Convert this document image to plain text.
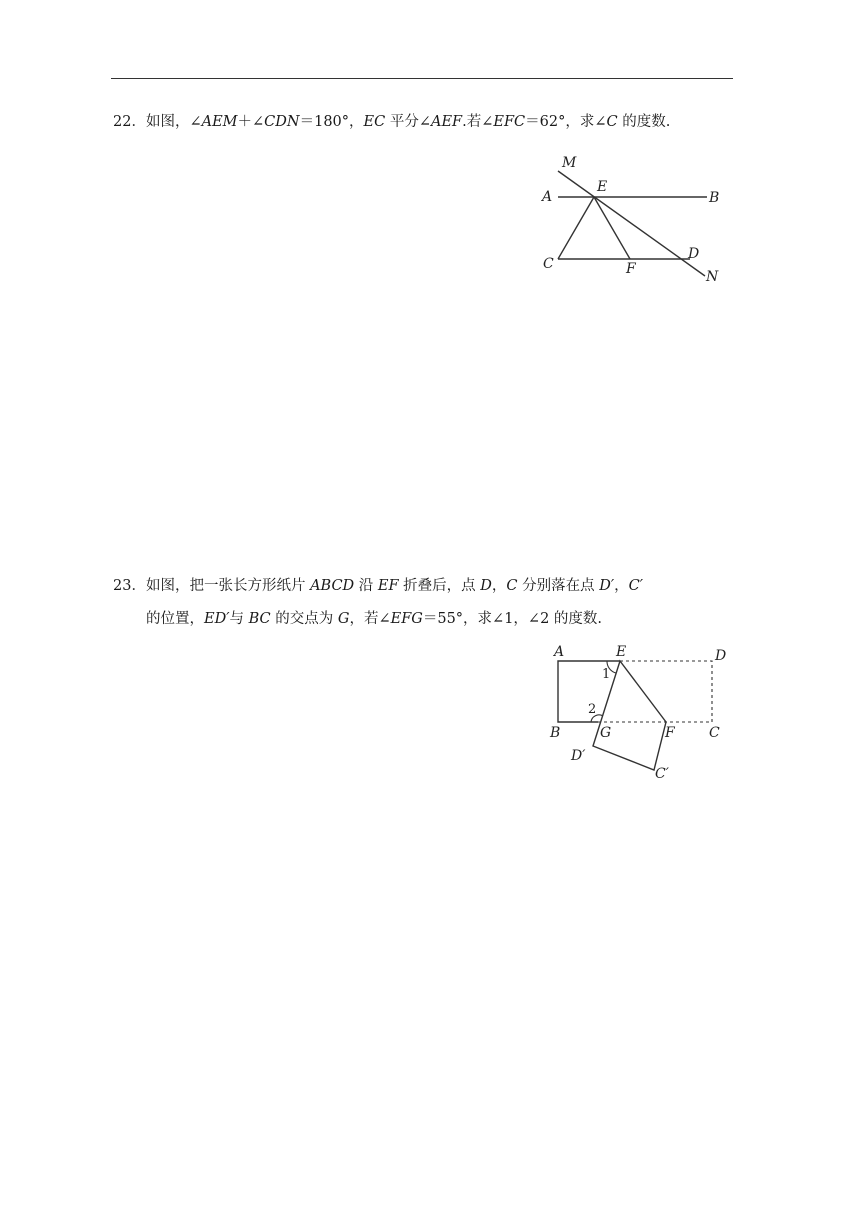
22．如图，∠AEM＋∠CDN＝180°，EC 平分∠AEF.若∠EFC＝62°，求∠C 的度数.
M
E
A	B
C	F
D
N
23．如图，把一张长方形纸片 ABCD 沿 EF 折叠后，点 D，C 分别落在点 D′，C′
的位置，ED′与 BC 的交点为 G，若∠EFG＝55°，求∠1，∠2 的度数.
A	E	D
B	G	F C
D′
C′
1
2
